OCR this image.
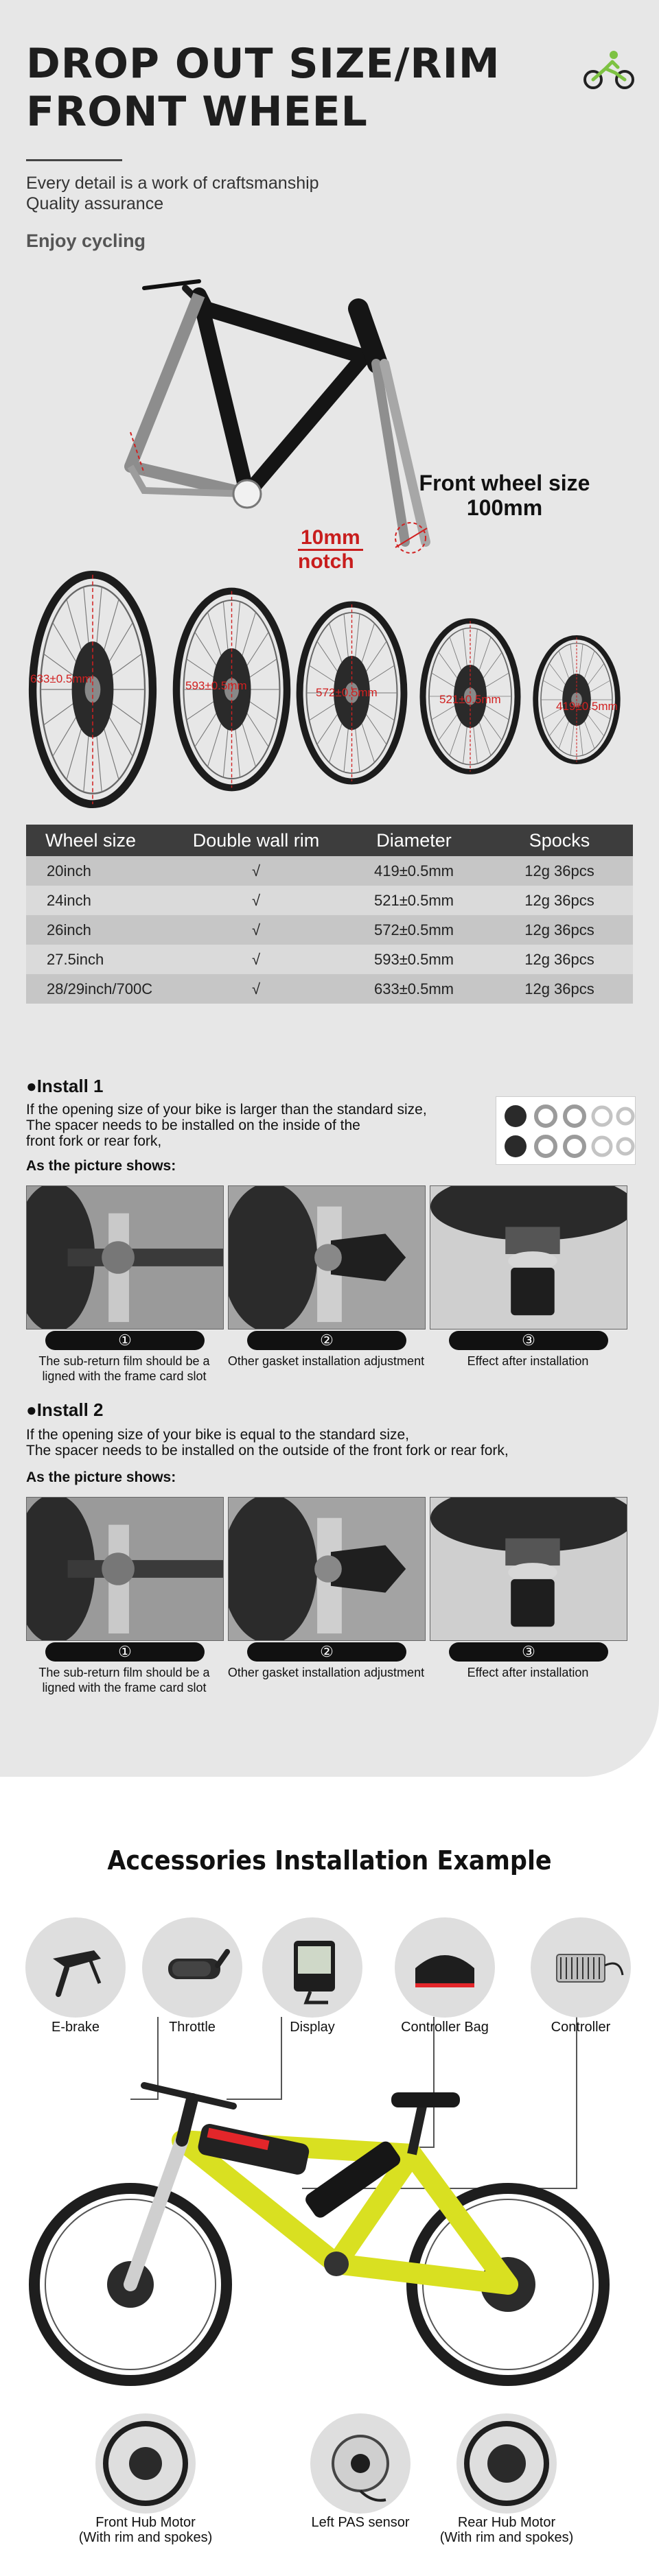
DROP OUT SIZE/RIM
FRONT WHEEL
Every detail is a work of craftsmanship
Quality assurance
Enjoy cycling
Front wheel size
100mm
10mm
notch
633±0.5mm
593±0.5mm
572±0.5mm
521±0.5mm
419±0.5mm
Wheel size	Double wall rim	Diameter	Spocks
20inch	√	419±0.5mm	12g 36pcs
24inch	√	521±0.5mm	12g 36pcs
26inch	√	572±0.5mm	12g 36pcs
27.5inch	√	593±0.5mm	12g 36pcs
28/29inch/700C	√	633±0.5mm	12g 36pcs
●Install 1
If the opening size of your bike is larger than the standard size,
The spacer needs to be installed on the inside of the
front fork or rear fork,
As the picture shows:
①
The sub-return film should be a
ligned with the frame card slot
②
Other gasket installation adjustment
③
Effect after installation
●Install 2
If the opening size of your bike is equal to the standard size,
The spacer needs to be installed on the outside of the front fork or rear fork,
As the picture shows:
①
The sub-return film should be a
ligned with the frame card slot
②
Other gasket installation adjustment
③
Effect after installation
Accessories Installation Example
E-brake	Throttle	Display	Controller Bag	Controller
Front Hub Motor
(With rim and spokes)
Left PAS sensor	Rear Hub Motor
(With rim and spokes)
